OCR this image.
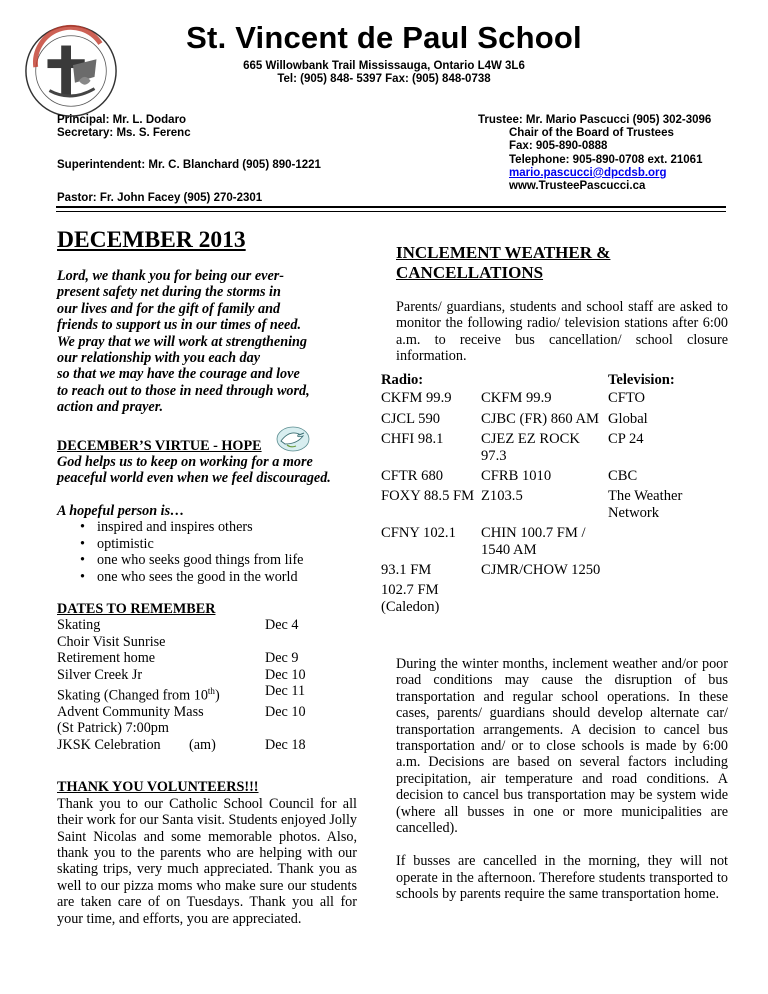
St. Vincent de Paul School
665 Willowbank Trail Mississauga, Ontario L4W 3L6
Tel: (905) 848- 5397 Fax: (905) 848-0738
Principal: Mr. L. Dodaro
Secretary: Ms. S. Ferenc
Superintendent: Mr. C. Blanchard (905) 890-1221
Pastor: Fr. John Facey (905) 270-2301
Trustee: Mr. Mario Pascucci (905) 302-3096
Chair of the Board of Trustees
Fax: 905-890-0888
Telephone: 905-890-0708 ext. 21061
mario.pascucci@dpcdsb.org
www.TrusteePascucci.ca
DECEMBER 2013
Lord, we thank you for being our ever-
present safety net during the storms in
our lives and for the gift of family and
friends to support us in our times of need.
We pray that we will work at strengthening
our relationship with you each day
so that we may have the courage and love
to reach out to those in need through word,
action and prayer.
DECEMBER’S VIRTUE - HOPE
God helps us to keep on working for a more
peaceful world even when we feel discouraged.
A hopeful person is…
• inspired and inspires others
• optimistic
• one who seeks good things from life
• one who sees the good in the world
DATES TO REMEMBER
Skating	Dec 4
Choir Visit Sunrise	
Retirement home	Dec 9
Silver Creek Jr	Dec 10
Skating (Changed from 10th)	Dec 11
Advent Community Mass	Dec 10
(St Patrick) 7:00pm	
JKSK Celebration        (am)	Dec 18
THANK YOU VOLUNTEERS!!!
Thank you to our Catholic School Council for all their work for our Santa visit. Students enjoyed Jolly Saint Nicolas and some memorable photos. Also, thank you to the parents who are helping with our skating trips, very much appreciated. Thank you as well to our pizza moms who make sure our students are taken care of on Tuesdays. Thank you all for your time, and efforts, you are appreciated.
INCLEMENT WEATHER &
CANCELLATIONS
Parents/ guardians, students and school staff are asked to monitor the following radio/ television stations after 6:00 a.m. to receive bus cancellation/ school closure information.
Radio:		Television:
CKFM 99.9	CKFM 99.9	CFTO
CJCL 590	CJBC (FR) 860 AM	Global
CHFI 98.1	CJEZ EZ ROCK 97.3	CP 24
CFTR 680	CFRB 1010	CBC
FOXY 88.5 FM	Z103.5	The Weather Network
CFNY 102.1	CHIN 100.7 FM / 1540 AM	
93.1 FM	CJMR/CHOW 1250	
102.7 FM (Caledon)		
During the winter months, inclement weather and/or poor road conditions may cause the disruption of bus transportation and regular school operations. In these cases, parents/ guardians should develop alternate car/ transportation arrangements. A decision to cancel bus transportation and/ or to close schools is made by 6:00 a.m. Decisions are based on several factors including precipitation, air temperature and road conditions. A decision to cancel bus transportation may be system wide (where all busses in one or more municipalities are cancelled).
If busses are cancelled in the morning, they will not operate in the afternoon. Therefore students transported to schools by parents require the same transportation home.
